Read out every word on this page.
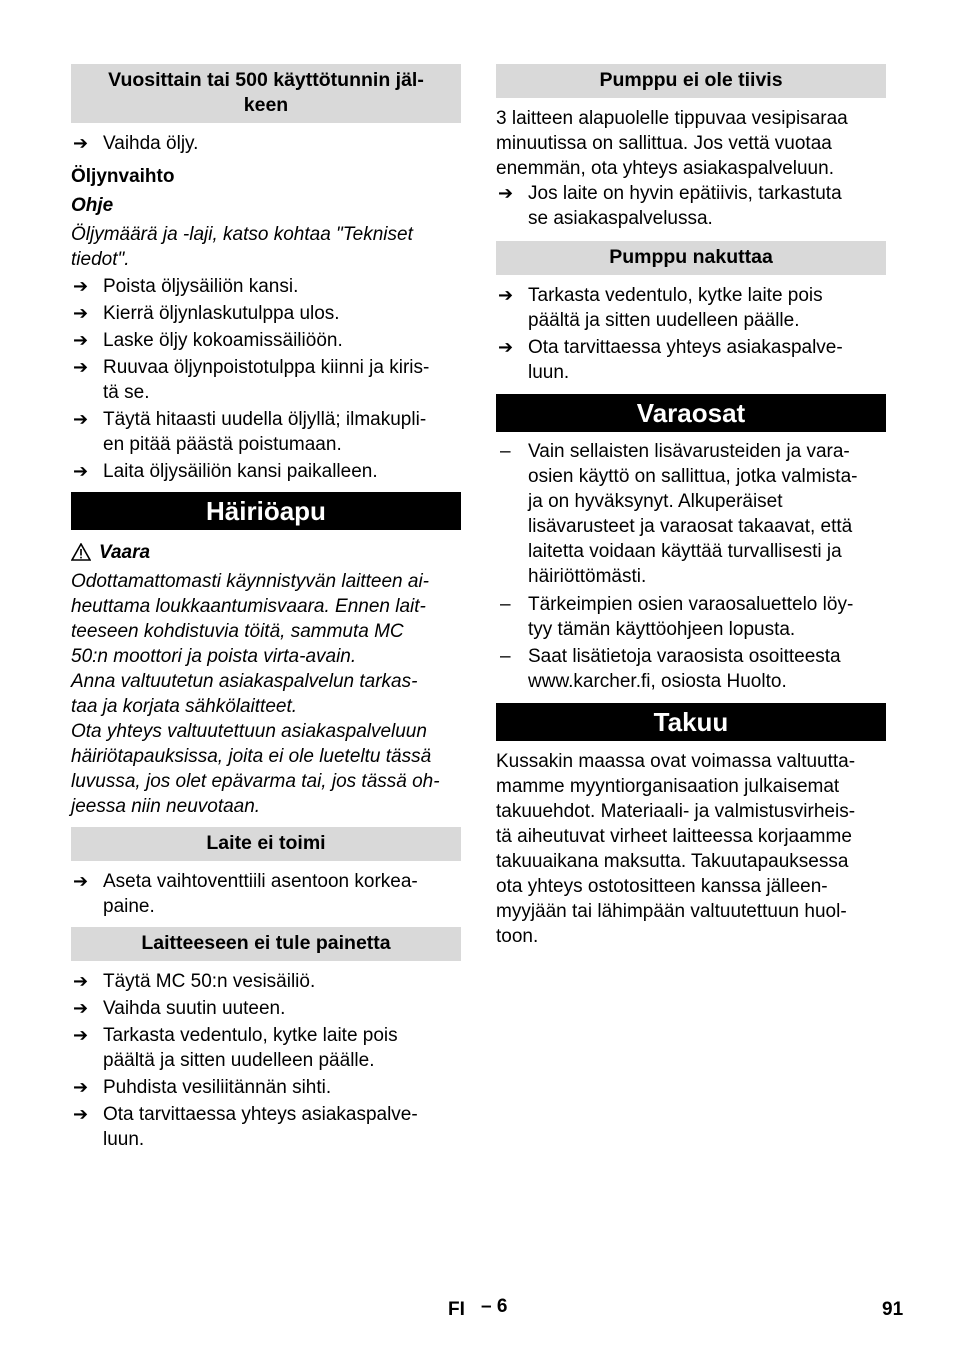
Vuosittain tai 500 käyttötunnin jäl-
keen
➔ Vaihda öljy.

Öljynvaihto

Ohje

Öljymäärä ja -laji, katso kohtaa "Tekniset
tiedot".

➔ Poista öljysäiliön kansi.
➔ Kierrä öljynlaskutulppa ulos.
➔ Laske öljy kokoamissäiliöön.
➔ Ruuvaa öljynpoistotulppa kiinni ja kiris-
tä se.
➔ Täytä hitaasti uudella öljyllä; ilmakupli-
en pitää päästä poistumaan.
➔ Laita öljysäiliön kansi paikalleen.
Häiriöapu

Vaara

Odottamattomasti käynnistyvän laitteen ai-
heuttama loukkaantumisvaara. Ennen lait-
teeseen kohdistuvia töitä, sammuta MC
50:n moottori ja poista virta-avain.
Anna valtuutetun asiakaspalvelun tarkas-
taa ja korjata sähkölaitteet.
Ota yhteys valtuutettuun asiakaspalveluun
häiriötapauksissa, joita ei ole lueteltu tässä
luvussa, jos olet epävarma tai, jos tässä oh-
jeessa niin neuvotaan.

Laite ei toimi
➔ Aseta vaihtoventtiili asentoon korkea-
paine.
Laitteeseen ei tule painetta
➔ Täytä MC 50:n vesisäiliö.
➔ Vaihda suutin uuteen.
➔ Tarkasta vedentulo, kytke laite pois
päältä ja sitten uudelleen päälle.
➔ Puhdista vesiliitännän sihti.
➔ Ota tarvittaessa yhteys asiakaspalve-
luun.
Pumppu ei ole tiivis

3 laitteen alapuolelle tippuvaa vesipisaraa
minuutissa on sallittua. Jos vettä vuotaa
enemmän, ota yhteys asiakaspalveluun.

➔ Jos laite on hyvin epätiivis, tarkastuta
se asiakaspalvelussa.
Pumppu nakuttaa
➔ Tarkasta vedentulo, kytke laite pois
päältä ja sitten uudelleen päälle.
➔ Ota tarvittaessa yhteys asiakaspalve-
luun.
Varaosat
– Vain sellaisten lisävarusteiden ja vara-
osien käyttö on sallittua, jotka valmista-
ja on hyväksynyt. Alkuperäiset
lisävarusteet ja varaosat takaavat, että
laitetta voidaan käyttää turvallisesti ja
häiriöttömästi.
– Tärkeimpien osien varaosaluettelo löy-
tyy tämän käyttöohjeen lopusta.
– Saat lisätietoja varaosista osoitteesta
www.karcher.fi, osiosta Huolto.
Takuu

Kussakin maassa ovat voimassa valtuutta-
mamme myyntiorganisaation julkaisemat
takuuehdot. Materiaali- ja valmistusvirheis-
tä aiheutuvat virheet laitteessa korjaamme
takuuaikana maksutta. Takuutapauksessa
ota yhteys ostotositteen kanssa jälleen-
myyjään tai lähimpään valtuutettuun huol-
toon.

FI – 6	91
